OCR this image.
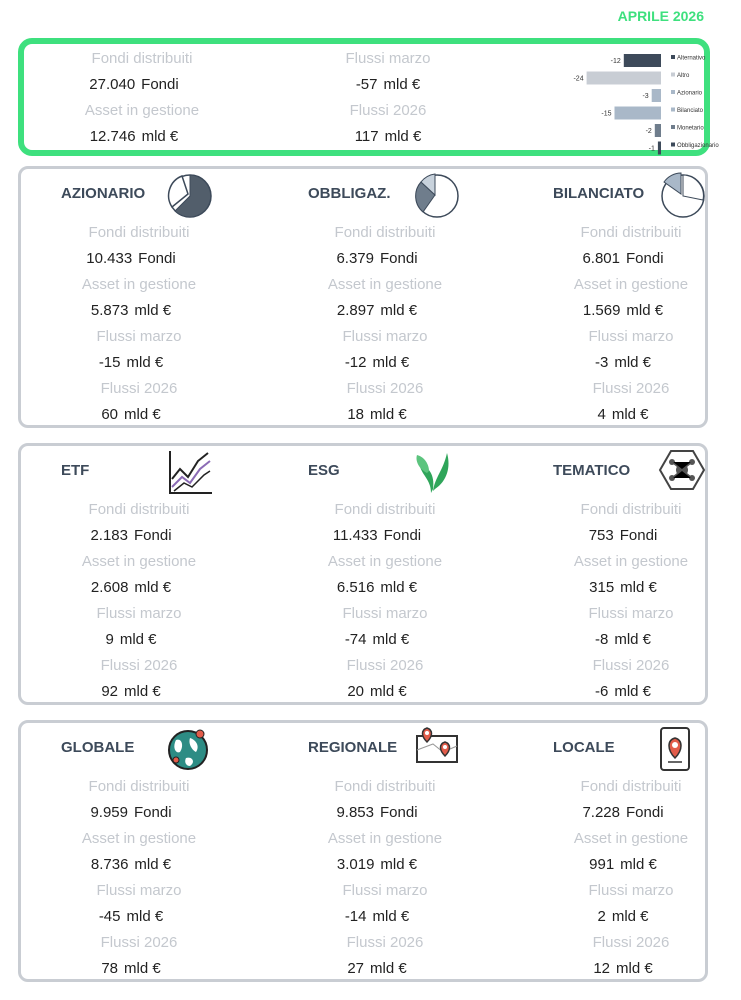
APRILE 2026
Fondi distribuiti
27.040 Fondi
Asset in gestione
12.746 mld €
Flussi marzo
-57 mld €
Flussi 2026
117 mld €
-12	Alternativo
-24	Altro
-3	Azionario
-15	Bilanciato
-2	Monetario
-1	Obbligazionario
AZIONARIO
Fondi distribuiti
10.433 Fondi
Asset in gestione
5.873 mld €
Flussi marzo
-15 mld €
Flussi 2026
60 mld €
OBBLIGAZ.
Fondi distribuiti
6.379 Fondi
Asset in gestione
2.897 mld €
Flussi marzo
-12 mld €
Flussi 2026
18 mld €
BILANCIATO
Fondi distribuiti
6.801 Fondi
Asset in gestione
1.569 mld €
Flussi marzo
-3 mld €
Flussi 2026
4 mld €
ETF
Fondi distribuiti
2.183 Fondi
Asset in gestione
2.608 mld €
Flussi marzo
9 mld €
Flussi 2026
92 mld €
ESG
Fondi distribuiti
11.433 Fondi
Asset in gestione
6.516 mld €
Flussi marzo
-74 mld €
Flussi 2026
20 mld €
TEMATICO
Fondi distribuiti
753 Fondi
Asset in gestione
315 mld €
Flussi marzo
-8 mld €
Flussi 2026
-6 mld €
GLOBALE
Fondi distribuiti
9.959 Fondi
Asset in gestione
8.736 mld €
Flussi marzo
-45 mld €
Flussi 2026
78 mld €
REGIONALE
Fondi distribuiti
9.853 Fondi
Asset in gestione
3.019 mld €
Flussi marzo
-14 mld €
Flussi 2026
27 mld €
LOCALE
Fondi distribuiti
7.228 Fondi
Asset in gestione
991 mld €
Flussi marzo
2 mld €
Flussi 2026
12 mld €
